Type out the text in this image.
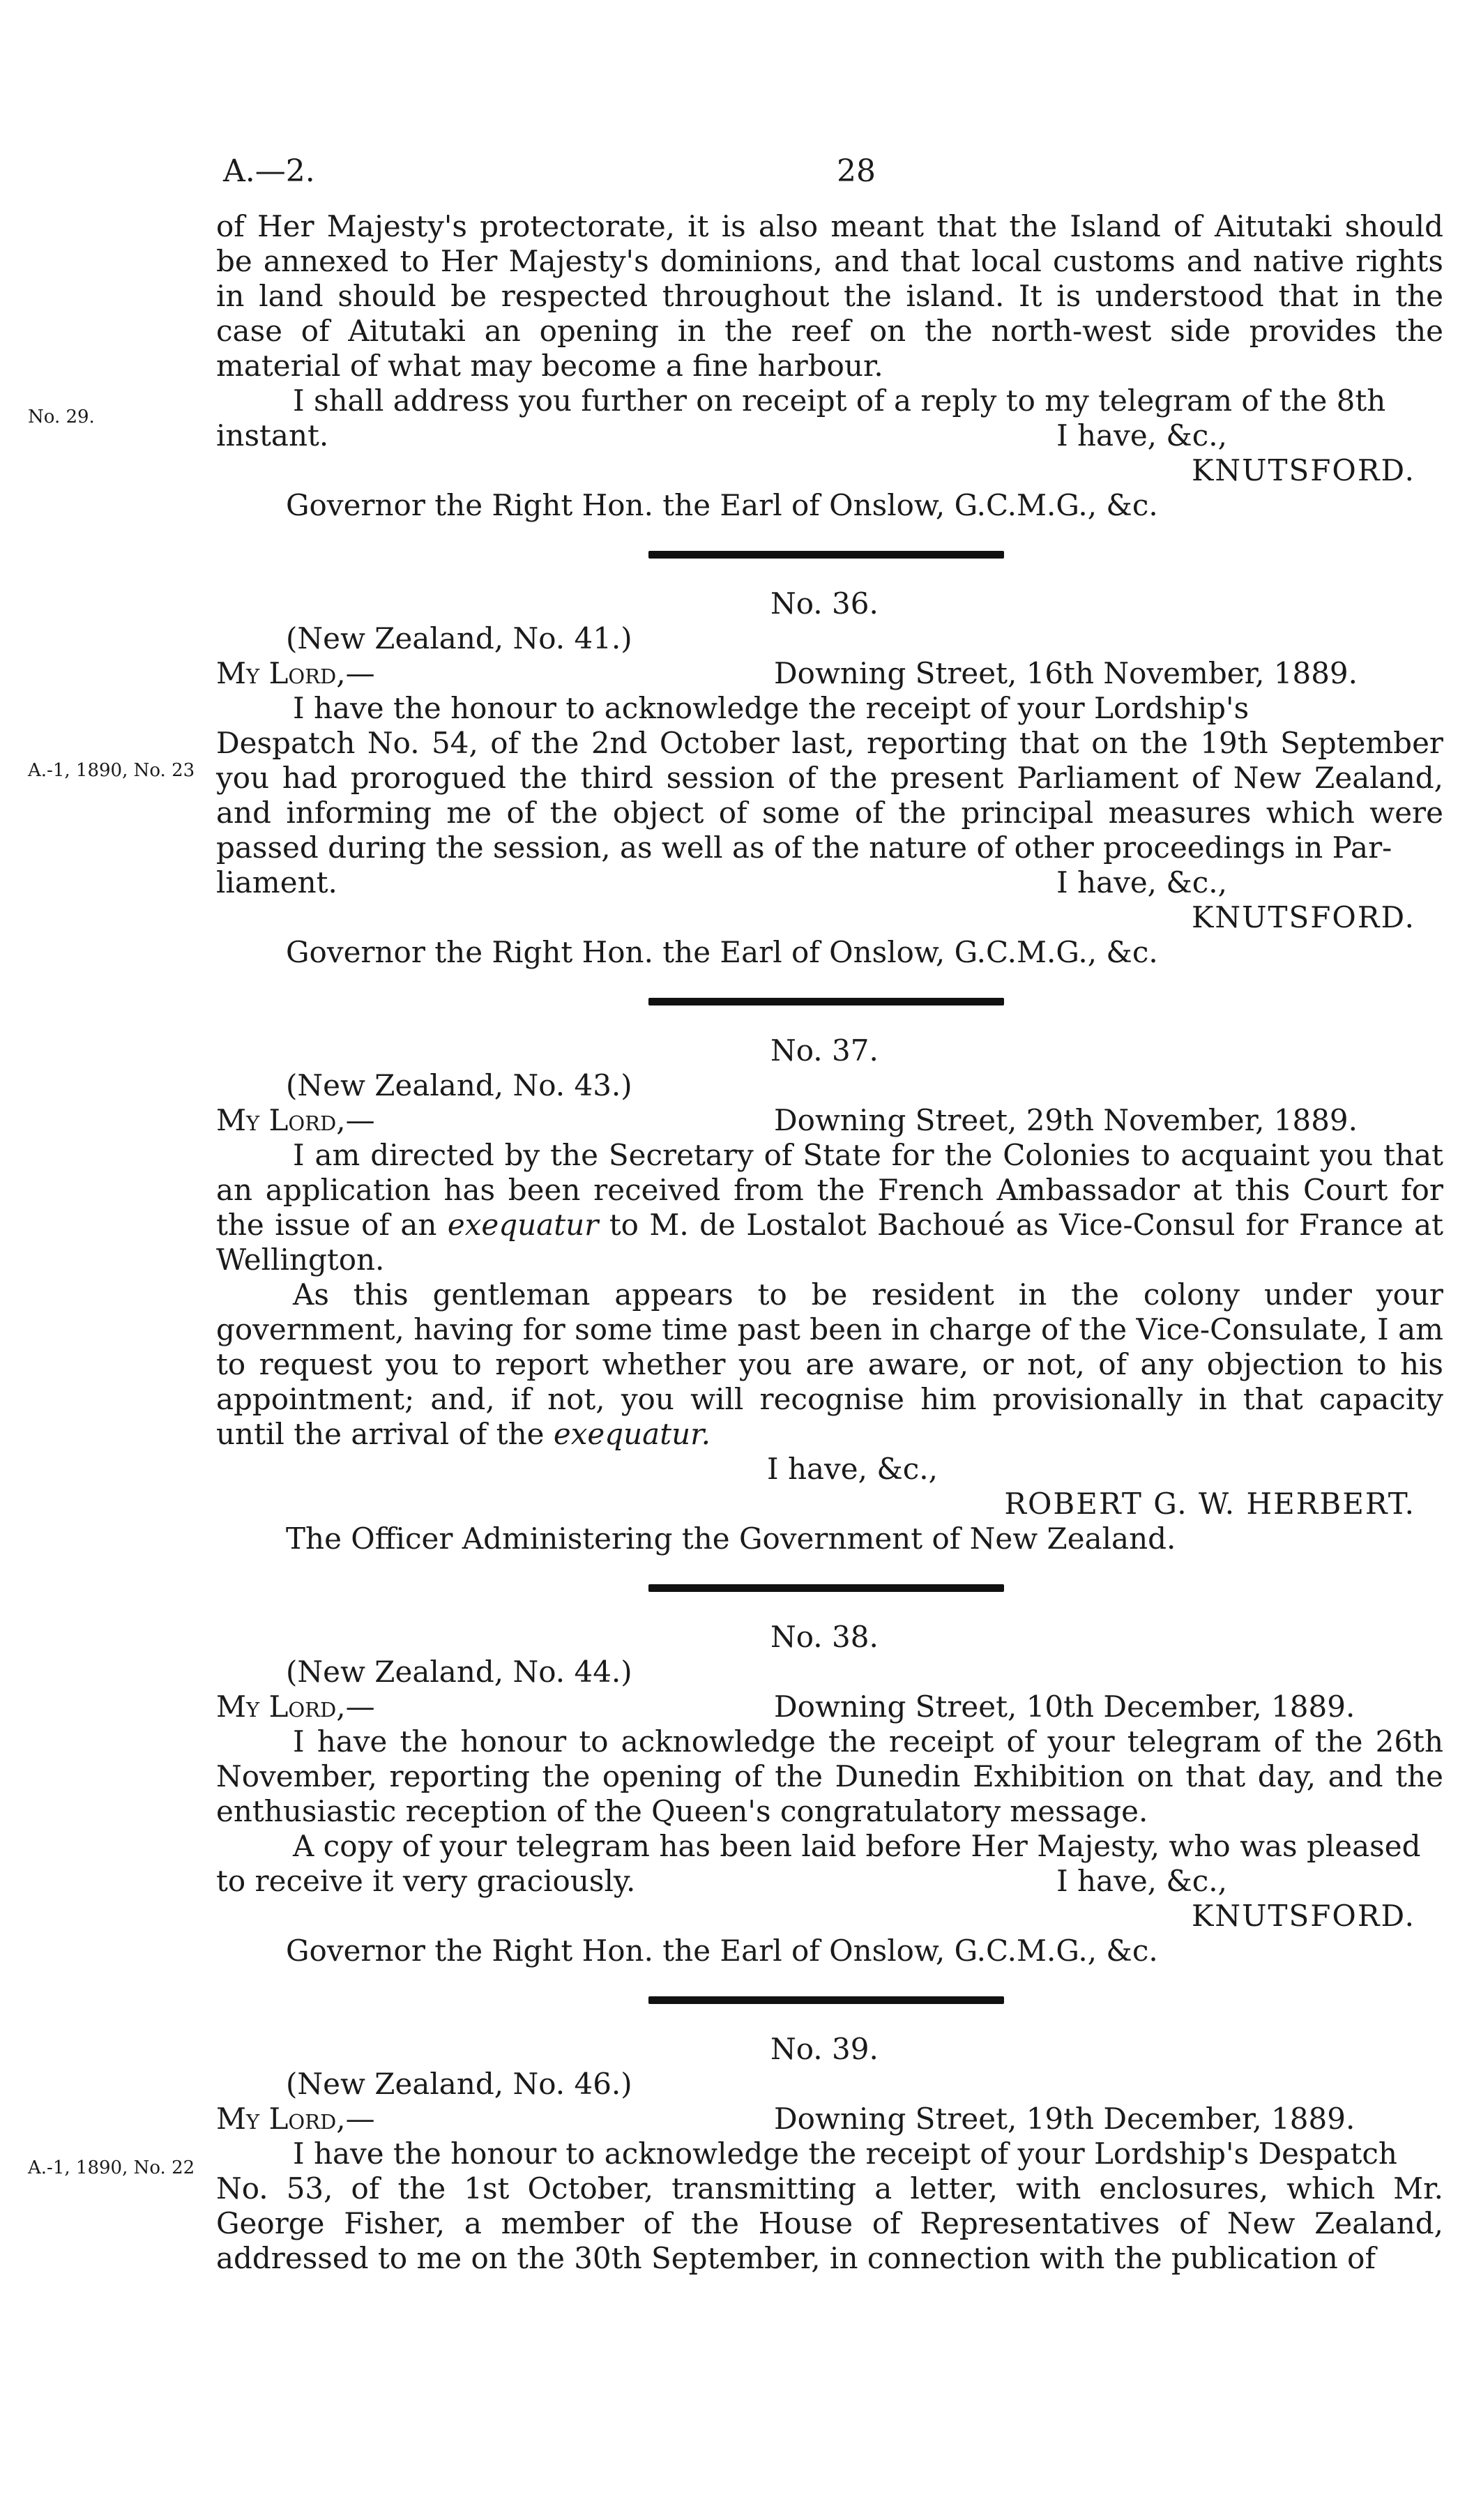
A.—2.	28
No. 29.
A.-1, 1890, No. 23
A.-1, 1890, No. 22

of Her Majesty's protectorate, it is also meant that the Island of Aitutaki should be annexed to Her Majesty's dominions, and that local customs and native rights in land should be respected throughout the island. It is understood that in the case of Aitutaki an opening in the reef on the north-west side provides the material of what may become a fine harbour.

I shall address you further on receipt of a reply to my telegram of the 8th

instant.	I have, &c.,

KNUTSFORD.

Governor the Right Hon. the Earl of Onslow, G.C.M.G., &c.

No. 36.

(New Zealand, No. 41.)

My Lord,—	Downing Street, 16th November, 1889.

I have the honour to acknowledge the receipt of your Lordship's

Despatch No. 54, of the 2nd October last, reporting that on the 19th September you had prorogued the third session of the present Parliament of New Zealand, and informing me of the object of some of the principal measures which were passed during the session, as well as of the nature of other proceedings in Par-

liament.	I have, &c.,

KNUTSFORD.

Governor the Right Hon. the Earl of Onslow, G.C.M.G., &c.

No. 37.

(New Zealand, No. 43.)

My Lord,—	Downing Street, 29th November, 1889.

I am directed by the Secretary of State for the Colonies to acquaint you that an application has been received from the French Ambassador at this Court for the issue of an exequatur to M. de Lostalot Bachoué as Vice-Consul for France at Wellington.

As this gentleman appears to be resident in the colony under your government, having for some time past been in charge of the Vice-Consulate, I am to request you to report whether you are aware, or not, of any objection to his appointment; and, if not, you will recognise him provisionally in that capacity until the arrival of the exequatur.

I have, &c.,

ROBERT G. W. HERBERT.

The Officer Administering the Government of New Zealand.

No. 38.

(New Zealand, No. 44.)

My Lord,—	Downing Street, 10th December, 1889.

I have the honour to acknowledge the receipt of your telegram of the 26th November, reporting the opening of the Dunedin Exhibition on that day, and the enthusiastic reception of the Queen's congratulatory message.

A copy of your telegram has been laid before Her Majesty, who was pleased

to receive it very graciously.	I have, &c.,

KNUTSFORD.

Governor the Right Hon. the Earl of Onslow, G.C.M.G., &c.

No. 39.

(New Zealand, No. 46.)

My Lord,—	Downing Street, 19th December, 1889.

I have the honour to acknowledge the receipt of your Lordship's Despatch

No. 53, of the 1st October, transmitting a letter, with enclosures, which Mr. George Fisher, a member of the House of Representatives of New Zealand, addressed to me on the 30th September, in connection with the publication of
